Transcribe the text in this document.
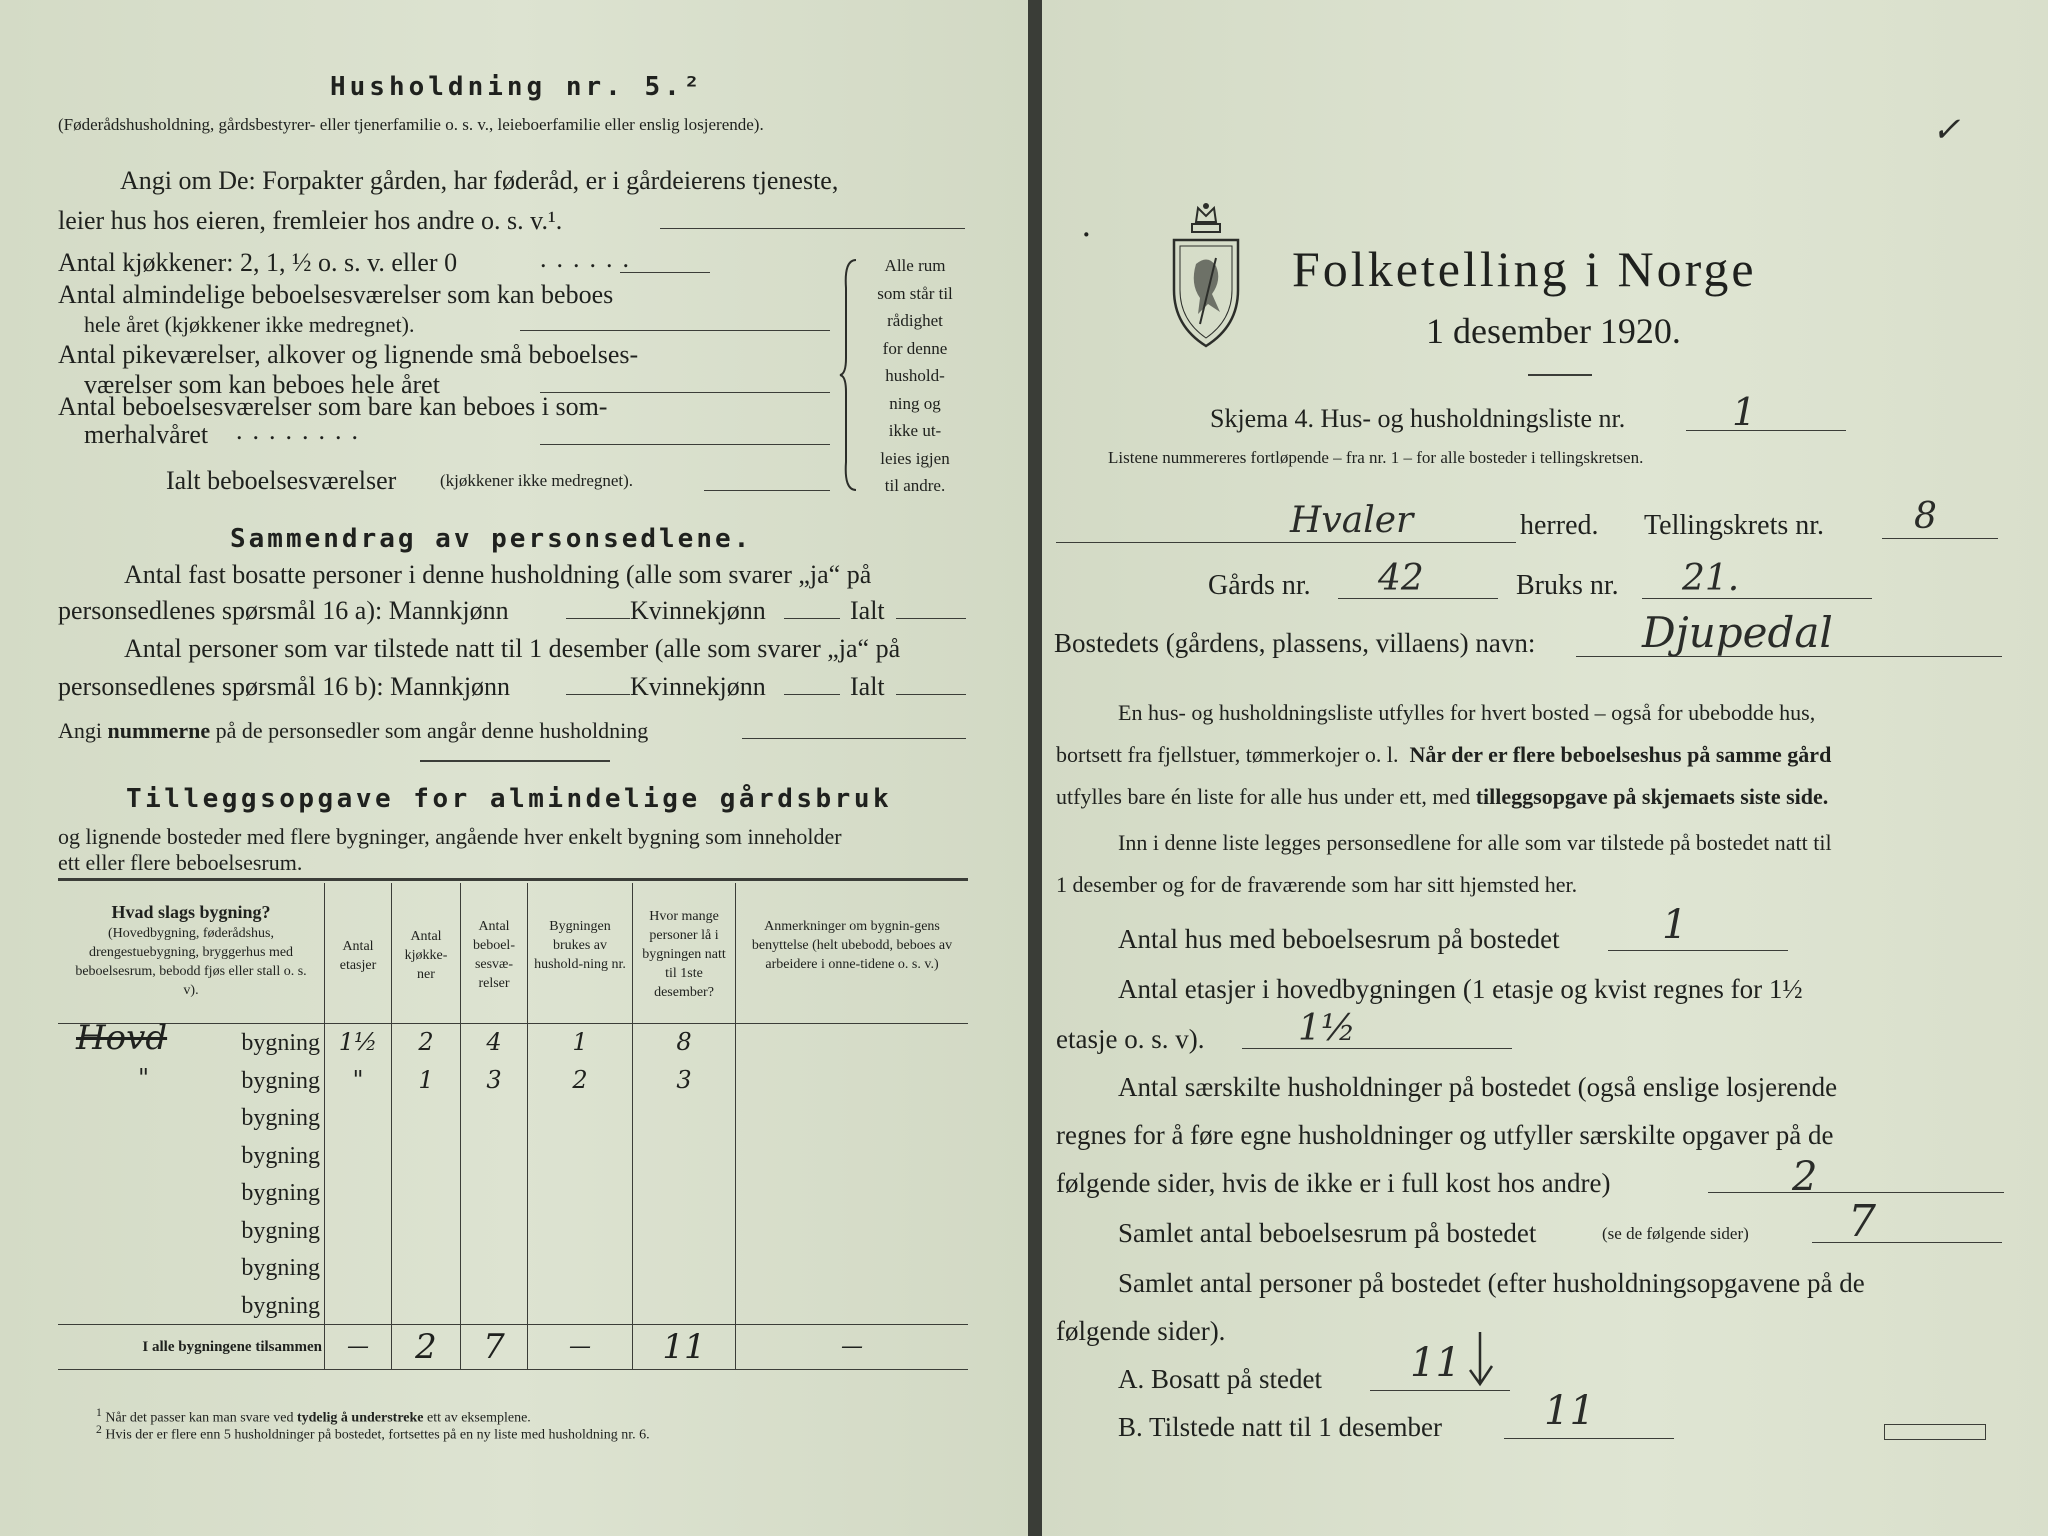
Husholdning nr. 5.²
(Føderådshusholdning, gårdsbestyrer- eller tjenerfamilie o. s. v., leieboerfamilie eller enslig losjerende).
Angi om De: Forpakter gården, har føderåd, er i gårdeierens tjeneste,
leier hus hos eieren, fremleier hos andre o. s. v.¹.
Antal kjøkkener: 2, 1, ½ o. s. v. eller 0	......
Antal almindelige beboelsesværelser som kan beboes
hele året (kjøkkener ikke medregnet).
Antal pikeværelser, alkover og lignende små beboelses-
værelser som kan beboes hele året
Antal beboelsesværelser som bare kan beboes i som-
merhalvåret ........
Ialt beboelsesværelser	(kjøkkener ikke medregnet).
Alle rum
som står til
rådighet
for denne
hushold-
ning og
ikke ut-
leies igjen
til andre.
Sammendrag av personsedlene.
Antal fast bosatte personer i denne husholdning (alle som svarer „ja“ på
personsedlenes spørsmål 16 a): Mannkjønn	Kvinnekjønn	Ialt
Antal personer som var tilstede natt til 1 desember (alle som svarer „ja“ på
personsedlenes spørsmål 16 b): Mannkjønn	Kvinnekjønn	Ialt
Angi nummerne på de personsedler som angår denne husholdning
Tilleggsopgave for almindelige gårdsbruk
og lignende bosteder med flere bygninger, angående hver enkelt bygning som inneholder
ett eller flere beboelsesrum.
Hvad slags bygning?
(Hovedbygning, føderådshus, drengestuebygning, bryggerhus med beboelsesrum, bebodd fjøs eller stall o. s. v).	Antal etasjer	Antal kjøkke-ner	Antal beboel-sesvæ-relser	Bygningen brukes av hushold-ning nr.	Hvor mange personer lå i bygningen natt til 1ste desember?	Anmerkninger om bygnin-gens benyttelse (helt ubebodd, beboes av arbeidere i onne-tidene o. s. v.)

Hovd bygning	1½	2	4	1	8	

" bygning	"	1	3	2	3	

bygning						

bygning						

bygning						

bygning						

bygning						

bygning						

I alle bygningene tilsammen	—	2	7	—	11	—
$^1$ Når det passer kan man svare ved tydelig å understreke ett av eksemplene.
$^2$ Hvis der er flere enn 5 husholdninger på bostedet, fortsettes på en ny liste med husholdning nr. 6.
✓
·
Folketelling i Norge
1 desember 1920.
Skjema 4. Hus- og husholdningsliste nr.	1
Listene nummereres fortløpende – fra nr. 1 – for alle bosteder i tellingskretsen.
Hvaler	herred. Tellingskrets nr. 8
Gårds nr. 42	Bruks nr. 21.
Bostedets (gårdens, plassens, villaens) navn:	Djupedal
En hus- og husholdningsliste utfylles for hvert bosted – også for ubebodde hus,
bortsett fra fjellstuer, tømmerkojer o. l. Når der er flere beboelseshus på samme gård
utfylles bare én liste for alle hus under ett, med tilleggsopgave på skjemaets siste side.
Inn i denne liste legges personsedlene for alle som var tilstede på bostedet natt til
1 desember og for de fraværende som har sitt hjemsted her.
Antal hus med beboelsesrum på bostedet	1
Antal etasjer i hovedbygningen (1 etasje og kvist regnes for 1½
etasje o. s. v).	1½
Antal særskilte husholdninger på bostedet (også enslige losjerende
regnes for å føre egne husholdninger og utfyller særskilte opgaver på de
følgende sider, hvis de ikke er i full kost hos andre)	2
Samlet antal beboelsesrum på bostedet	(se de følgende sider) 7
Samlet antal personer på bostedet (efter husholdningsopgavene på de
følgende sider).
A. Bosatt på stedet 11
B. Tilstede natt til 1 desember	11
